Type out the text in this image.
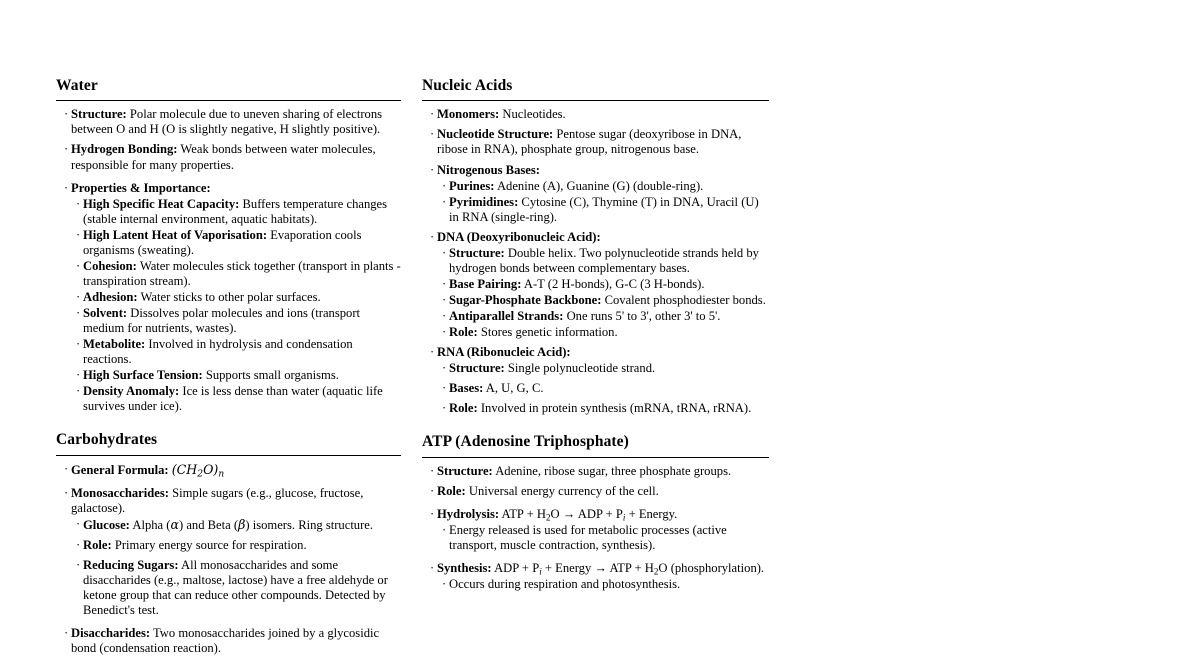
Water
· Structure: Polar molecule due to uneven sharing of electrons between O and H (O is slightly negative, H slightly positive).
· Hydrogen Bonding: Weak bonds between water molecules, responsible for many properties.
· Properties & Importance:
· High Specific Heat Capacity: Buffers temperature changes (stable internal environment, aquatic habitats).
· High Latent Heat of Vaporisation: Evaporation cools organisms (sweating).
· Cohesion: Water molecules stick together (transport in plants - transpiration stream).
· Adhesion: Water sticks to other polar surfaces.
· Solvent: Dissolves polar molecules and ions (transport medium for nutrients, wastes).
· Metabolite: Involved in hydrolysis and condensation reactions.
· High Surface Tension: Supports small organisms.
· Density Anomaly: Ice is less dense than water (aquatic life survives under ice).
Carbohydrates
· General Formula: $(CH_2O)_n$
· Monosaccharides: Simple sugars (e.g., glucose, fructose, galactose).
· Glucose: Alpha (α) and Beta (β) isomers. Ring structure.
· Role: Primary energy source for respiration.
· Reducing Sugars: All monosaccharides and some disaccharides (e.g., maltose, lactose) have a free aldehyde or ketone group that can reduce other compounds. Detected by Benedict's test.
· Disaccharides: Two monosaccharides joined by a glycosidic bond (condensation reaction).
Nucleic Acids
· Monomers: Nucleotides.
· Nucleotide Structure: Pentose sugar (deoxyribose in DNA, ribose in RNA), phosphate group, nitrogenous base.
· Nitrogenous Bases:
· Purines: Adenine (A), Guanine (G) (double-ring).
· Pyrimidines: Cytosine (C), Thymine (T) in DNA, Uracil (U) in RNA (single-ring).
· DNA (Deoxyribonucleic Acid):
· Structure: Double helix. Two polynucleotide strands held by hydrogen bonds between complementary bases.
· Base Pairing: A-T (2 H-bonds), G-C (3 H-bonds).
· Sugar-Phosphate Backbone: Covalent phosphodiester bonds.
· Antiparallel Strands: One runs 5' to 3', other 3' to 5'.
· Role: Stores genetic information.
· RNA (Ribonucleic Acid):
· Structure: Single polynucleotide strand.
· Bases: A, U, G, C.
· Role: Involved in protein synthesis (mRNA, tRNA, rRNA).
ATP (Adenosine Triphosphate)
· Structure: Adenine, ribose sugar, three phosphate groups.
· Role: Universal energy currency of the cell.
· Hydrolysis: ATP + $H_2O$ → ADP + Pi + Energy.
· Energy released is used for metabolic processes (active transport, muscle contraction, synthesis).
· Synthesis: ADP + Pi + Energy → ATP + $H_2O$ (phosphorylation).
· Occurs during respiration and photosynthesis.
